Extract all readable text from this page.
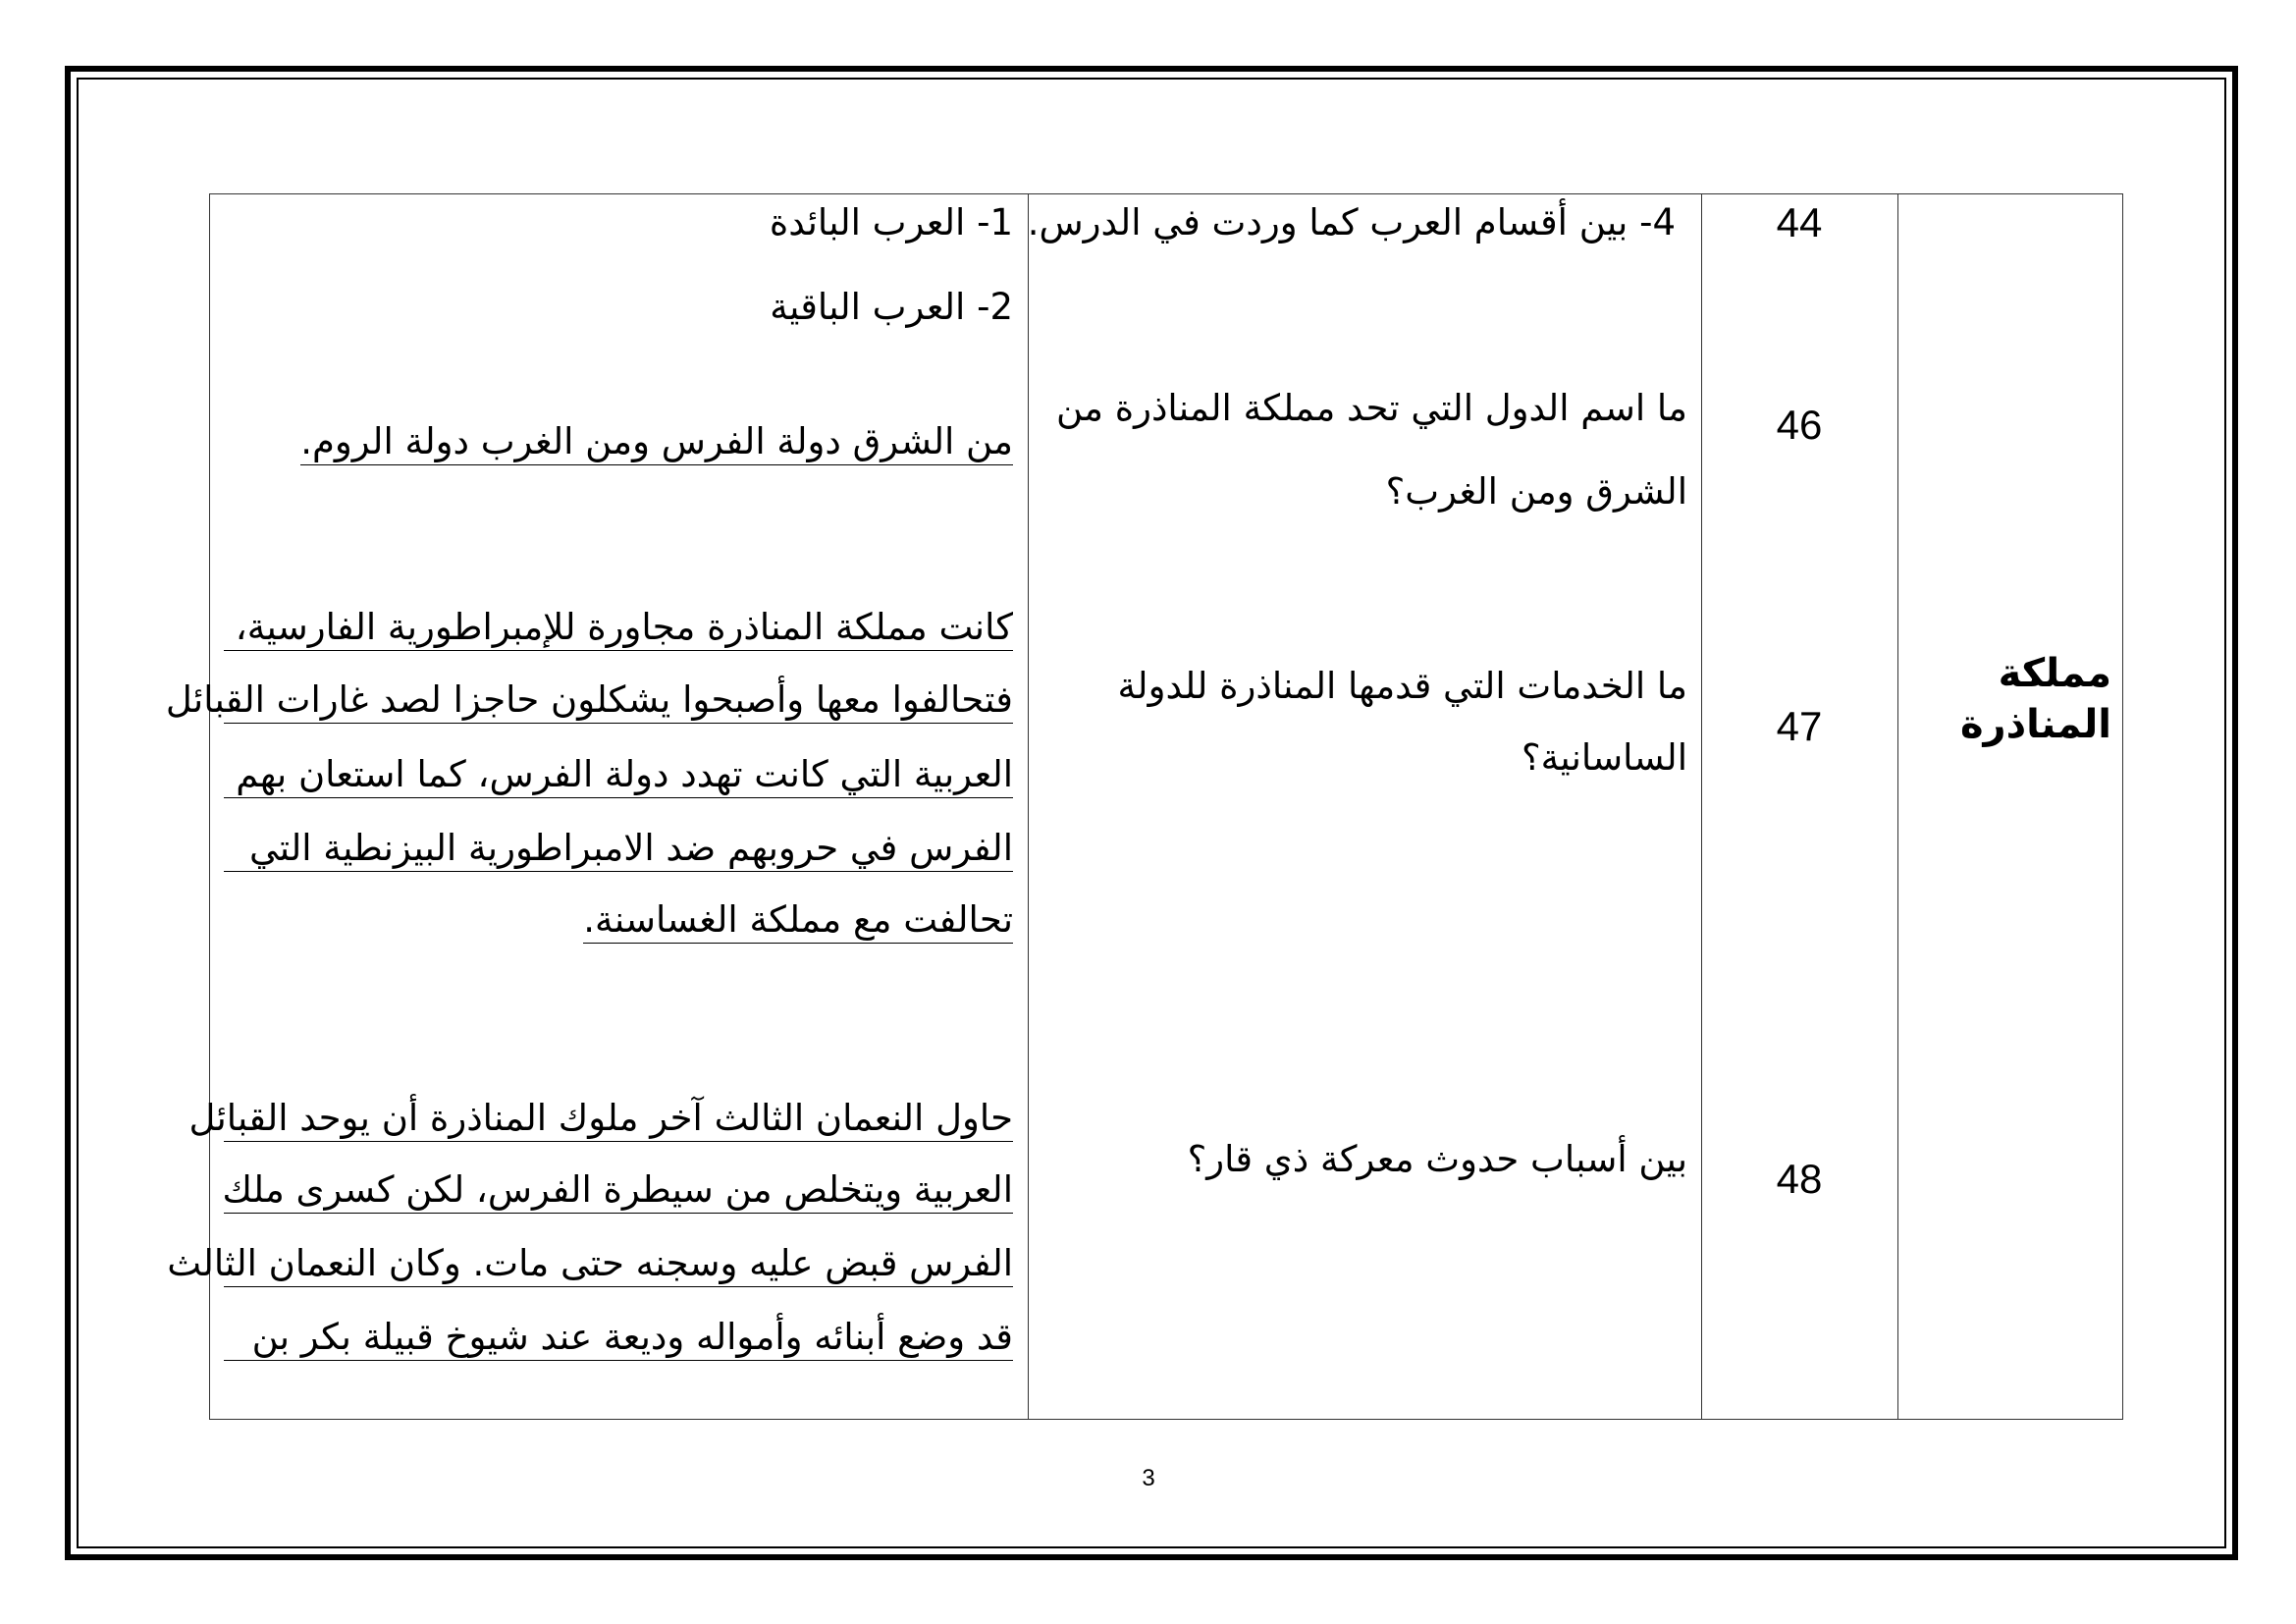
مملكة
المناذرة
44
4- بين أقسام العرب كما وردت في الدرس.
1- العرب البائدة
2- العرب الباقية
46
ما اسم الدول التي تحد مملكة المناذرة من
الشرق ومن الغرب؟
من الشرق دولة الفرس ومن الغرب دولة الروم.
47
ما الخدمات التي قدمها المناذرة للدولة
الساسانية؟
كانت مملكة المناذرة مجاورة للإمبراطورية الفارسية،
فتحالفوا معها وأصبحوا يشكلون حاجزا لصد غارات القبائل
العربية التي كانت تهدد دولة الفرس، كما استعان بهم
الفرس في حروبهم ضد الامبراطورية البيزنطية التي
تحالفت مع مملكة الغساسنة.
48
بين أسباب حدوث معركة ذي قار؟
حاول النعمان الثالث آخر ملوك المناذرة أن يوحد القبائل
العربية ويتخلص من سيطرة الفرس، لكن كسرى ملك
الفرس قبض عليه وسجنه حتى مات. وكان النعمان الثالث
قد وضع أبنائه وأمواله وديعة عند شيوخ قبيلة بكر بن
3
